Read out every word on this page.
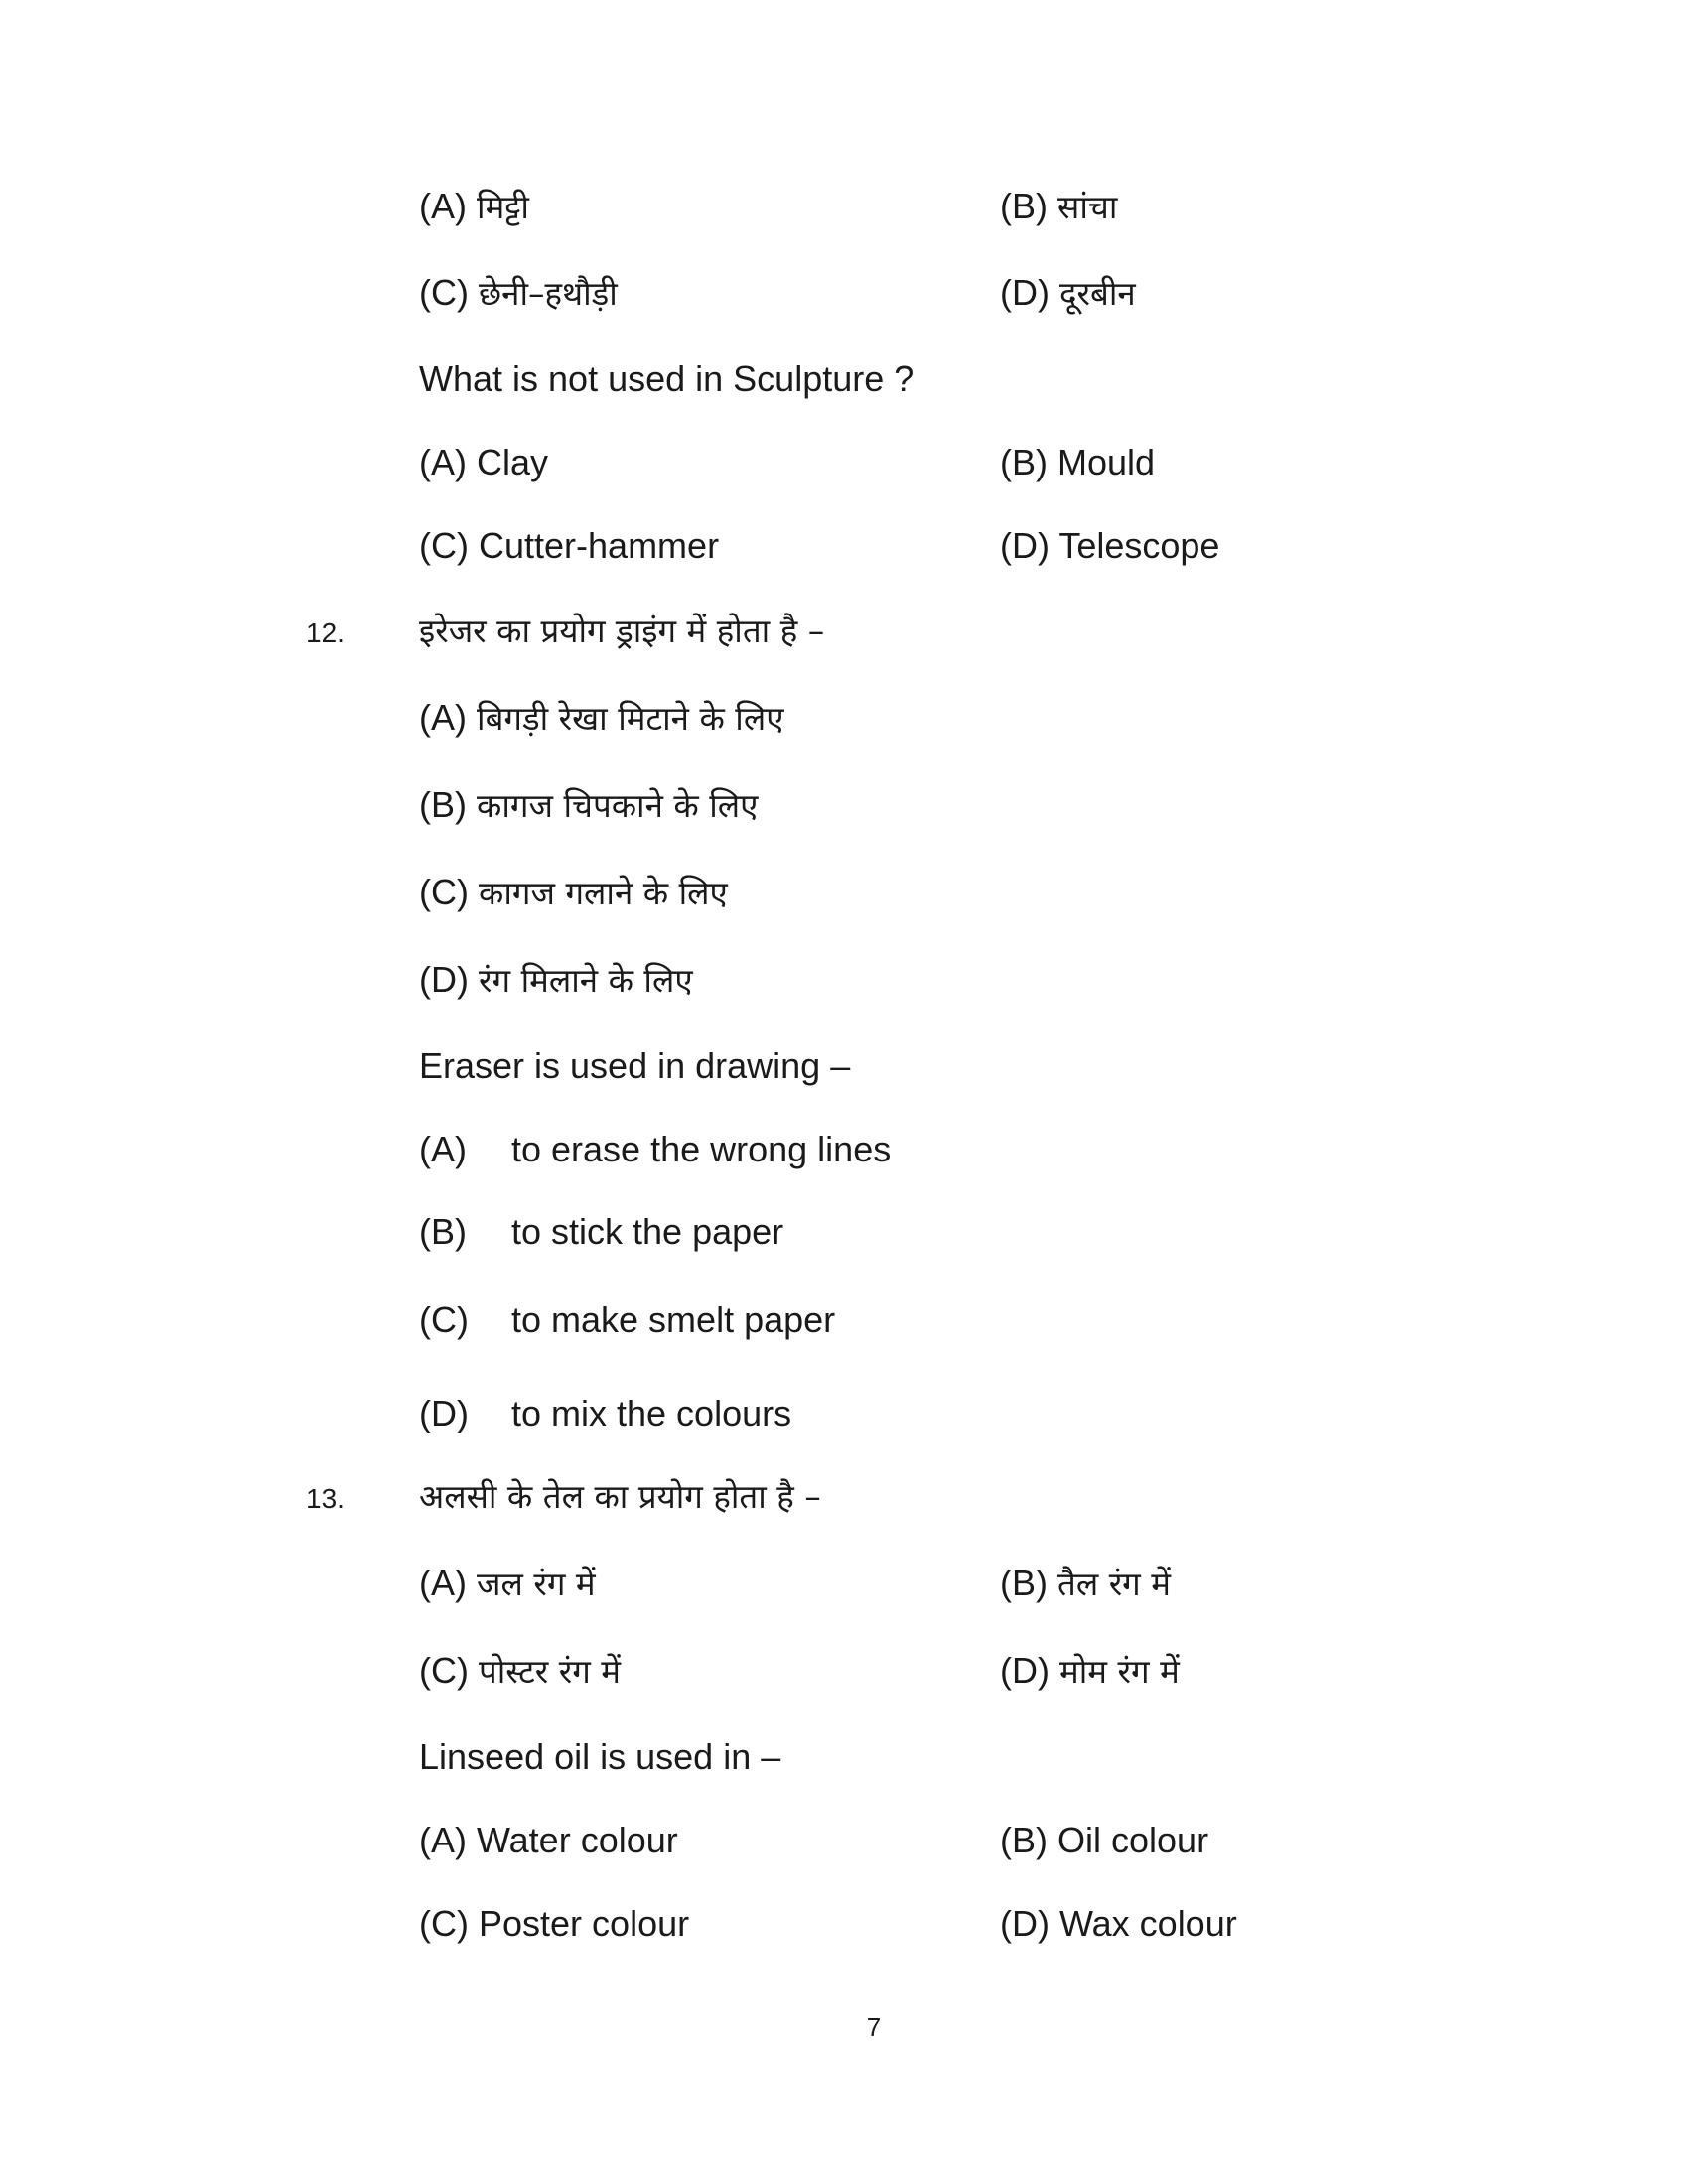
(A) मिट्टी	(B) सांचा
(C) छेनी–हथौड़ी	(D) दूरबीन
What is not used in Sculpture ?
(A) Clay	(B) Mould
(C) Cutter-hammer	(D) Telescope
12. इरेजर का प्रयोग ड्राइंग में होता है –
(A) बिगड़ी रेखा मिटाने के लिए
(B) कागज चिपकाने के लिए
(C) कागज गलाने के लिए
(D) रंग मिलाने के लिए
Eraser is used in drawing –
(A) to erase the wrong lines
(B) to stick the paper
(C) to make smelt paper
(D) to mix the colours
13. अलसी के तेल का प्रयोग होता है –
(A) जल रंग में	(B) तैल रंग में
(C) पोस्टर रंग में	(D) मोम रंग में
Linseed oil is used in –
(A) Water colour	(B) Oil colour
(C) Poster colour	(D) Wax colour
7
